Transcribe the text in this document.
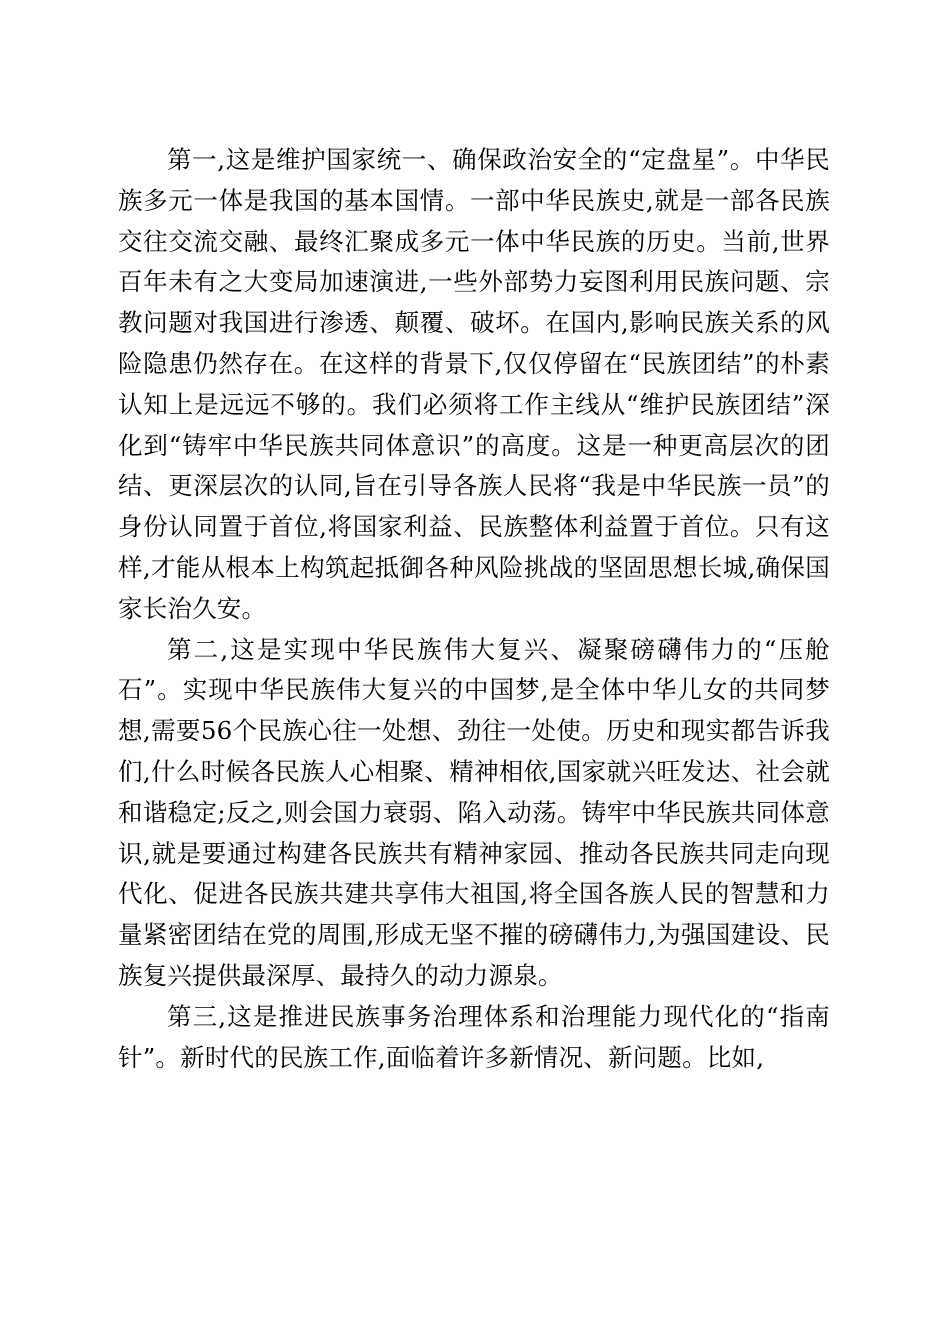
第一,这是维护国家统一、确保政治安全的“定盘星”。中华民族多元一体是我国的基本国情。一部中华民族史,就是一部各民族交往交流交融、最终汇聚成多元一体中华民族的历史。当前,世界百年未有之大变局加速演进,一些外部势力妄图利用民族问题、宗教问题对我国进行渗透、颠覆、破坏。在国内,影响民族关系的风险隐患仍然存在。在这样的背景下,仅仅停留在“民族团结”的朴素认知上是远远不够的。我们必须将工作主线从“维护民族团结”深化到“铸牢中华民族共同体意识”的高度。这是一种更高层次的团结、更深层次的认同,旨在引导各族人民将“我是中华民族一员”的身份认同置于首位,将国家利益、民族整体利益置于首位。只有这样,才能从根本上构筑起抵御各种风险挑战的坚固思想长城,确保国家长治久安。

第二,这是实现中华民族伟大复兴、凝聚磅礴伟力的“压舱石”。实现中华民族伟大复兴的中国梦,是全体中华儿女的共同梦想,需要56个民族心往一处想、劲往一处使。历史和现实都告诉我们,什么时候各民族人心相聚、精神相依,国家就兴旺发达、社会就和谐稳定;反之,则会国力衰弱、陷入动荡。铸牢中华民族共同体意识,就是要通过构建各民族共有精神家园、推动各民族共同走向现代化、促进各民族共建共享伟大祖国,将全国各族人民的智慧和力量紧密团结在党的周围,形成无坚不摧的磅礴伟力,为强国建设、民族复兴提供最深厚、最持久的动力源泉。

第三,这是推进民族事务治理体系和治理能力现代化的“指南针”。新时代的民族工作,面临着许多新情况、新问题。比如,
